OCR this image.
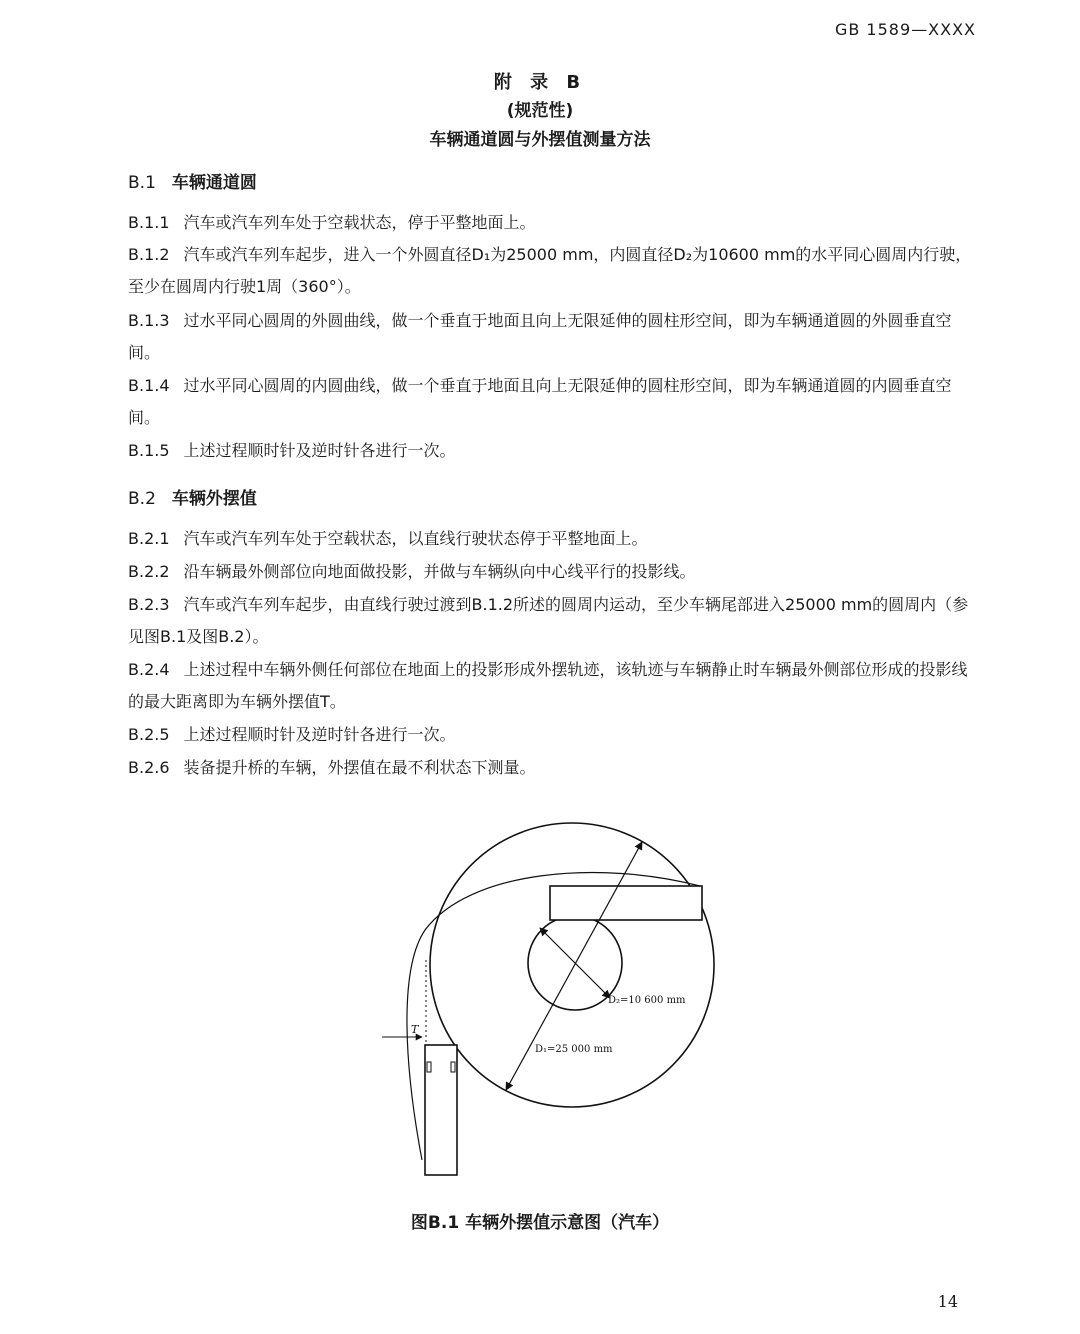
GB 1589—XXXX
附 录 B
(规范性)
车辆通道圆与外摆值测量方法
B.1 车辆通道圆
B.1.1 汽车或汽车列车处于空载状态，停于平整地面上。
B.1.2 汽车或汽车列车起步，进入一个外圆直径D₁为25000 mm，内圆直径D₂为10600 mm的水平同心圆周内行驶，至少在圆周内行驶1周（360°）。
B.1.3 过水平同心圆周的外圆曲线，做一个垂直于地面且向上无限延伸的圆柱形空间，即为车辆通道圆的外圆垂直空间。
B.1.4 过水平同心圆周的内圆曲线，做一个垂直于地面且向上无限延伸的圆柱形空间，即为车辆通道圆的内圆垂直空间。
B.1.5 上述过程顺时针及逆时针各进行一次。
B.2 车辆外摆值
B.2.1 汽车或汽车列车处于空载状态，以直线行驶状态停于平整地面上。
B.2.2 沿车辆最外侧部位向地面做投影，并做与车辆纵向中心线平行的投影线。
B.2.3 汽车或汽车列车起步，由直线行驶过渡到B.1.2所述的圆周内运动，至少车辆尾部进入25000 mm的圆周内（参见图B.1及图B.2）。
B.2.4 上述过程中车辆外侧任何部位在地面上的投影形成外摆轨迹，该轨迹与车辆静止时车辆最外侧部位形成的投影线的最大距离即为车辆外摆值T。
B.2.5 上述过程顺时针及逆时针各进行一次。
B.2.6 装备提升桥的车辆，外摆值在最不利状态下测量。
T
D₂=10 600 mm
D₁=25 000 mm
图B.1 车辆外摆值示意图（汽车）
14
